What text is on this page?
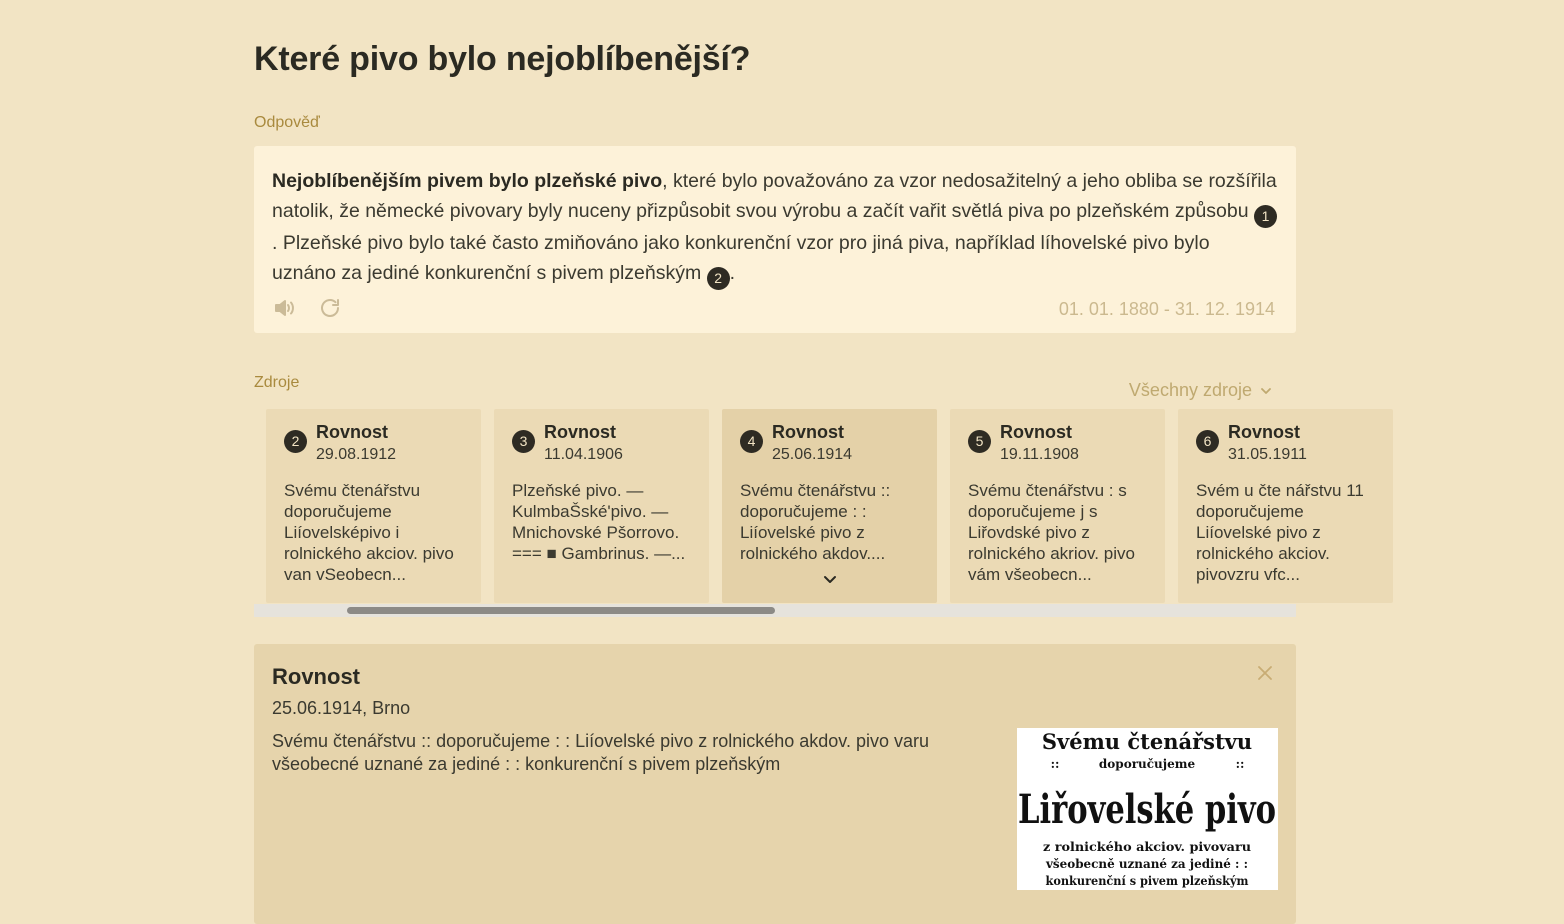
Které pivo bylo nejoblíbenější?
Odpověď

Nejoblíbenějším pivem bylo plzeňské pivo, které bylo považováno za vzor nedosažitelný a jeho obliba se rozšířila natolik, že německé pivovary byly nuceny přizpůsobit svou výrobu a začít vařit světlá piva po plzeňském způsobu 1. Plzeňské pivo bylo také často zmiňováno jako konkurenční vzor pro jiná piva, například líhovelské pivo bylo uznáno za jediné konkurenční s pivem plzeňským 2 .

01. 01. 1880 - 31. 12. 1914
Zdroje	Všechny zdroje
2 Rovnost
29.08.1912
Svému čtenářstvu doporučujeme Liíovelsképivo i rolnického akciov. pivo van vSeobecn...
3 Rovnost
11.04.1906
Plzeňské pivo. — KulmbaŠské'pivo. — Mnichovské Pšorrovo. === ■ Gambrinus. —...
4 Rovnost
25.06.1914
Svému čtenářstvu :: doporučujeme : : Liíovelské pivo z rolnického akdov....
5 Rovnost
19.11.1908
Svému čtenářstvu : s doporučujeme j s Liřovdské pivo z rolnického akriov. pivo vám všeobecn...
6 Rovnost
31.05.1911
Svém u čte nářstvu 11 doporučujeme Liíovelské pivo z rolnického akciov. pivovzru vfc...
Rovnost
25.06.1914, Brno
Svému čtenářstvu :: doporučujeme : : Liíovelské pivo z rolnického akdov. pivo varu všeobecné uznané za jediné : : konkurenční s pivem plzeňským
Svému čtenářstvu
::	doporučujeme	::
Liřovelské pivo
z rolnického akciov. pivovaru
všeobecně uznané za jediné : :
konkurenční s pivem plzeňským
